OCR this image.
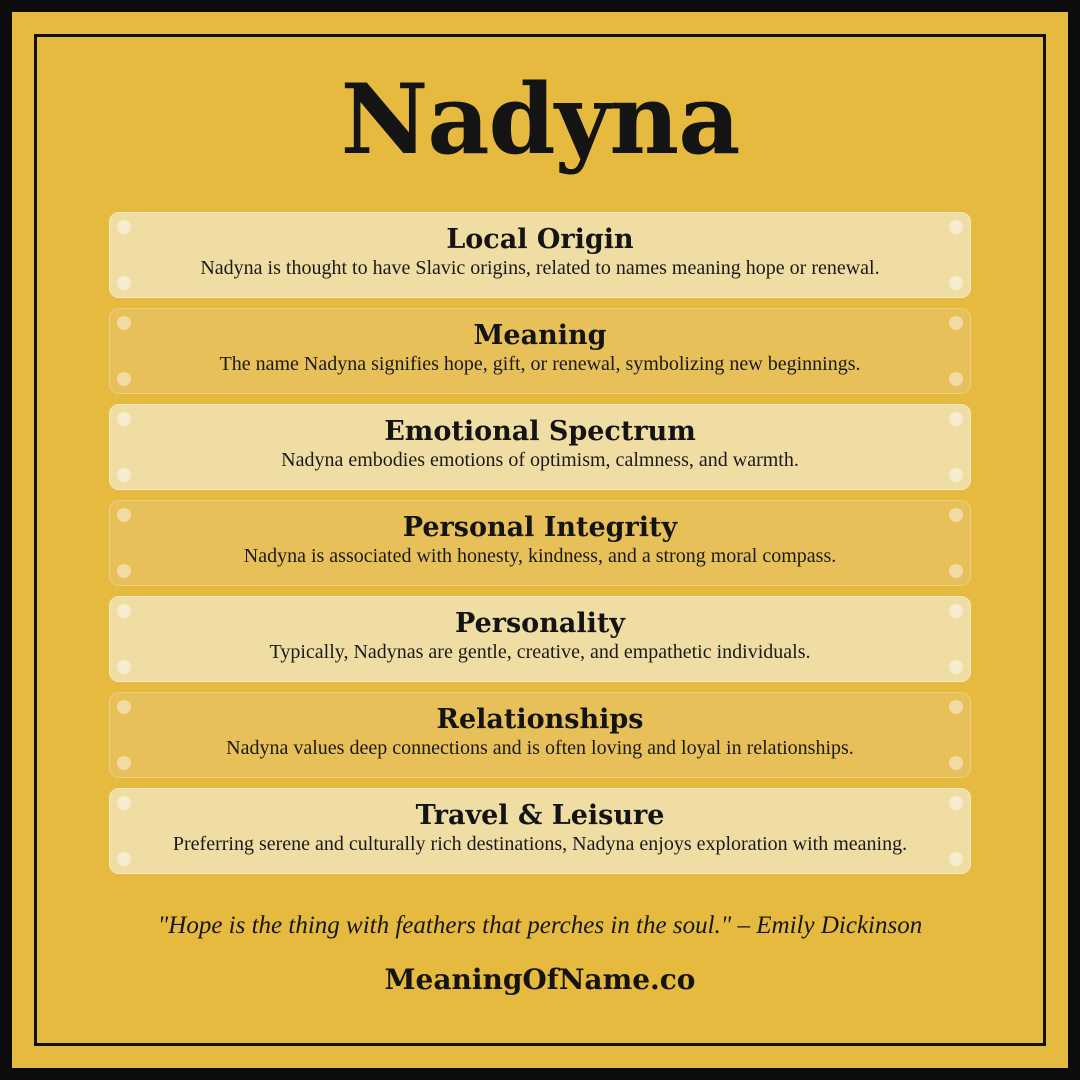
Nadyna
Local Origin
Nadyna is thought to have Slavic origins, related to names meaning hope or renewal.
Meaning
The name Nadyna signifies hope, gift, or renewal, symbolizing new beginnings.
Emotional Spectrum
Nadyna embodies emotions of optimism, calmness, and warmth.
Personal Integrity
Nadyna is associated with honesty, kindness, and a strong moral compass.
Personality
Typically, Nadynas are gentle, creative, and empathetic individuals.
Relationships
Nadyna values deep connections and is often loving and loyal in relationships.
Travel & Leisure
Preferring serene and culturally rich destinations, Nadyna enjoys exploration with meaning.

"Hope is the thing with feathers that perches in the soul." – Emily Dickinson

MeaningOfName.co
